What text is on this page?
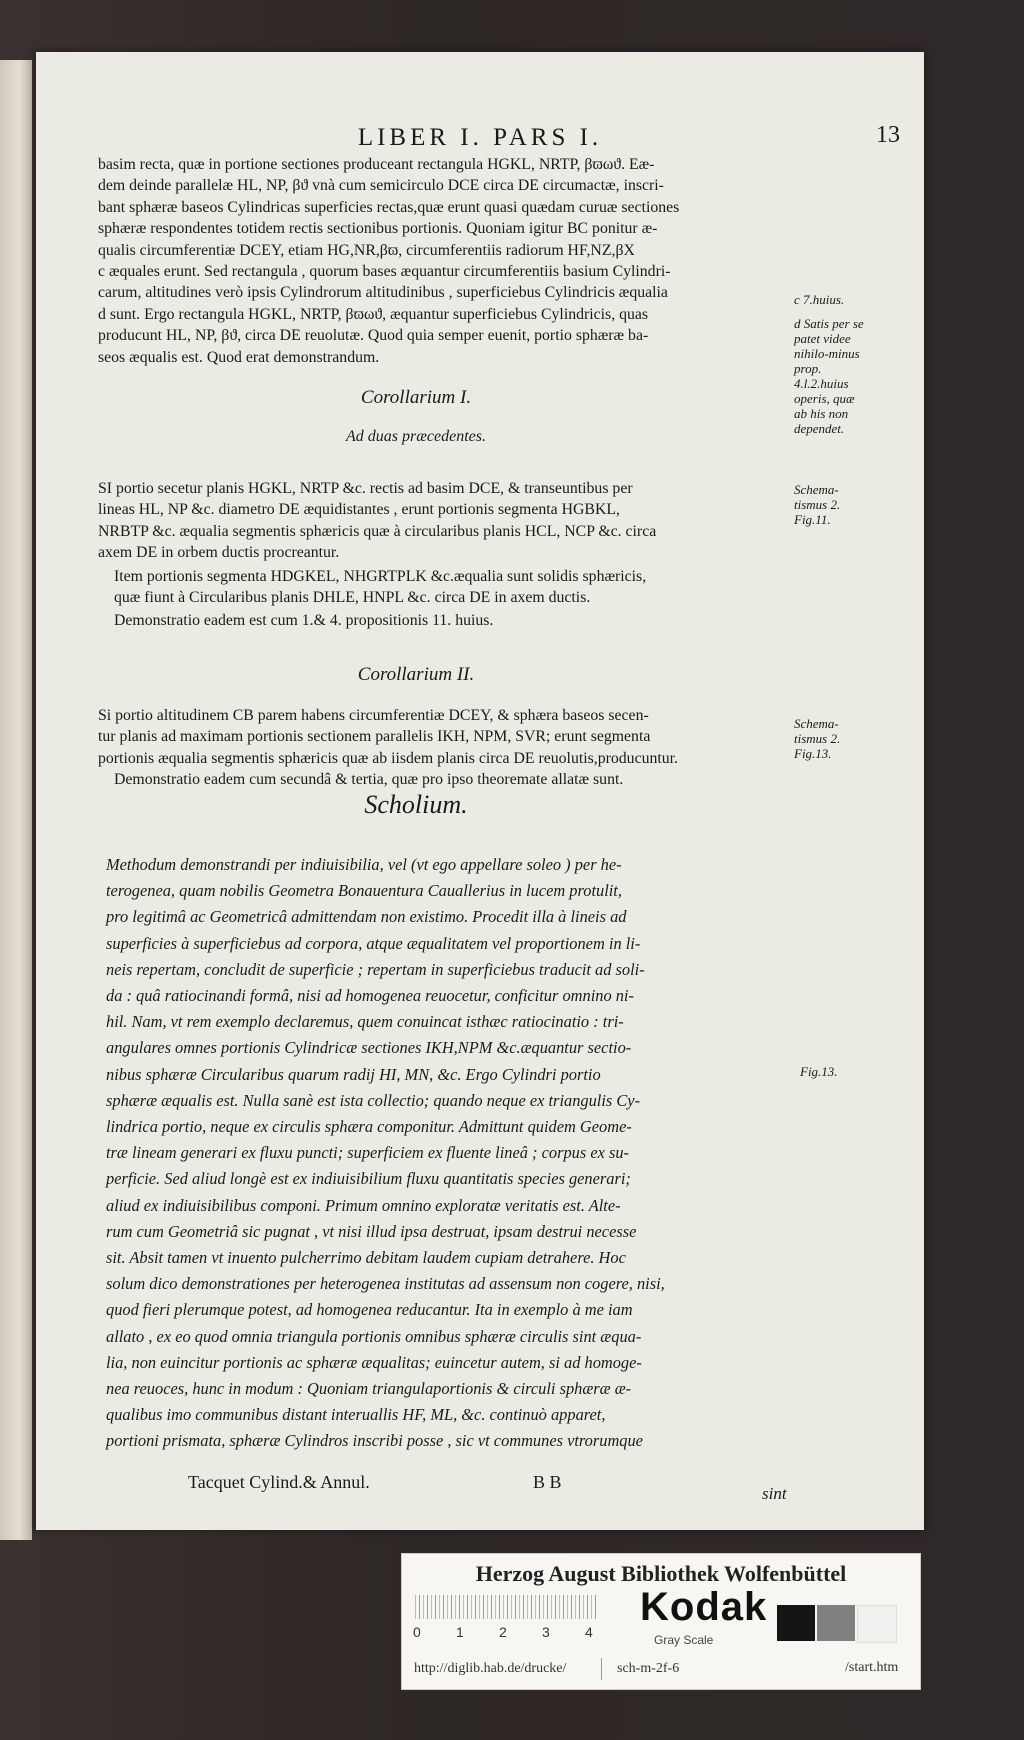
LIBER I. PARS I.	13
basim recta, quæ in portione sectiones produceant rectangula HGKL, NRTP, βϖωϑ. Eæ-
dem deinde parallelæ HL, NP, βϑ vnà cum semicirculo DCE circa DE circumactæ, inscri-
bant sphæræ baseos Cylindricas superficies rectas,quæ erunt quasi quædam curuæ sectiones
sphæræ respondentes totidem rectis sectionibus portionis. Quoniam igitur BC ponitur æ-
qualis circumferentiæ DCEY, etiam HG,NR,βϖ, circumferentiis radiorum HF,NZ,βX
c æquales erunt. Sed rectangula , quorum bases æquantur circumferentiis basium Cylindri-
carum, altitudines verò ipsis Cylindrorum altitudinibus , superficiebus Cylindricis æqualia
d sunt. Ergo rectangula HGKL, NRTP, βϖωϑ, æquantur superficiebus Cylindricis, quas
producunt HL, NP, βϑ, circa DE reuolutæ. Quod quia semper euenit, portio sphæræ ba-
seos æqualis est. Quod erat demonstrandum.
c 7.huius.
d Satis per se patet videe nihilo-minus prop. 4.l.2.huius operis, quæ ab his non dependet.
Corollarium I.
Ad duas præcedentes.
SI portio secetur planis HGKL, NRTP &c. rectis ad basim DCE, & transeuntibus per
lineas HL, NP &c. diametro DE æquidistantes , erunt portionis segmenta HGBKL,
NRBTP &c. æqualia segmentis sphæricis quæ à circularibus planis HCL, NCP &c. circa
axem DE in orbem ductis procreantur.
Item portionis segmenta HDGKEL, NHGRTPLK &c.æqualia sunt solidis sphæricis,
quæ fiunt à Circularibus planis DHLE, HNPL &c. circa DE in axem ductis.
Demonstratio eadem est cum 1.& 4. propositionis 11. huius.
Schema-tismus 2. Fig.11.
Corollarium II.
Si portio altitudinem CB parem habens circumferentiæ DCEY, & sphæra baseos secen-
tur planis ad maximam portionis sectionem parallelis IKH, NPM, SVR; erunt segmenta
portionis æqualia segmentis sphæricis quæ ab iisdem planis circa DE reuolutis,producuntur.
Demonstratio eadem cum secundâ & tertia, quæ pro ipso theoremate allatæ sunt.
Schema-tismus 2. Fig.13.
Scholium.
Methodum demonstrandi per indiuisibilia, vel (vt ego appellare soleo ) per he-
terogenea, quam nobilis Geometra Bonauentura Cauallerius in lucem protulit,
pro legitimâ ac Geometricâ admittendam non existimo. Procedit illa à lineis ad
superficies à superficiebus ad corpora, atque æqualitatem vel proportionem in li-
neis repertam, concludit de superficie ; repertam in superficiebus traducit ad soli-
da : quâ ratiocinandi formâ, nisi ad homogenea reuocetur, conficitur omnino ni-
hil. Nam, vt rem exemplo declaremus, quem conuincat isthæc ratiocinatio : tri-
angulares omnes portionis Cylindricæ sectiones IKH,NPM &c.æquantur sectio-
nibus sphæræ Circularibus quarum radij HI, MN, &c. Ergo Cylindri portio
sphæræ æqualis est. Nulla sanè est ista collectio; quando neque ex triangulis Cy-
lindrica portio, neque ex circulis sphæra componitur. Admittunt quidem Geome-
træ lineam generari ex fluxu puncti; superficiem ex fluente lineâ ; corpus ex su-
perficie. Sed aliud longè est ex indiuisibilium fluxu quantitatis species generari;
aliud ex indiuisibilibus componi. Primum omnino exploratæ veritatis est. Alte-
rum cum Geometriâ sic pugnat , vt nisi illud ipsa destruat, ipsam destrui necesse
sit. Absit tamen vt inuento pulcherrimo debitam laudem cupiam detrahere. Hoc
solum dico demonstrationes per heterogenea institutas ad assensum non cogere, nisi,
quod fieri plerumque potest, ad homogenea reducantur. Ita in exemplo à me iam
allato , ex eo quod omnia triangula portionis omnibus sphæræ circulis sint æqua-
lia, non euincitur portionis ac sphæræ æqualitas; euincetur autem, si ad homoge-
nea reuoces, hunc in modum : Quoniam triangulaportionis & circuli sphæræ æ-
qualibus imo communibus distant interuallis HF, ML, &c. continuò apparet,
portioni prismata, sphæræ Cylindros inscribi posse , sic vt communes vtrorumque
Fig.13.
Tacquet Cylind.& Annul.	B B
sint
Herzog August Bibliothek Wolfenbüttel
0	1	2	3	4
Kodak
Gray Scale
http://diglib.hab.de/drucke/	sch-m-2f-6	/start.htm
